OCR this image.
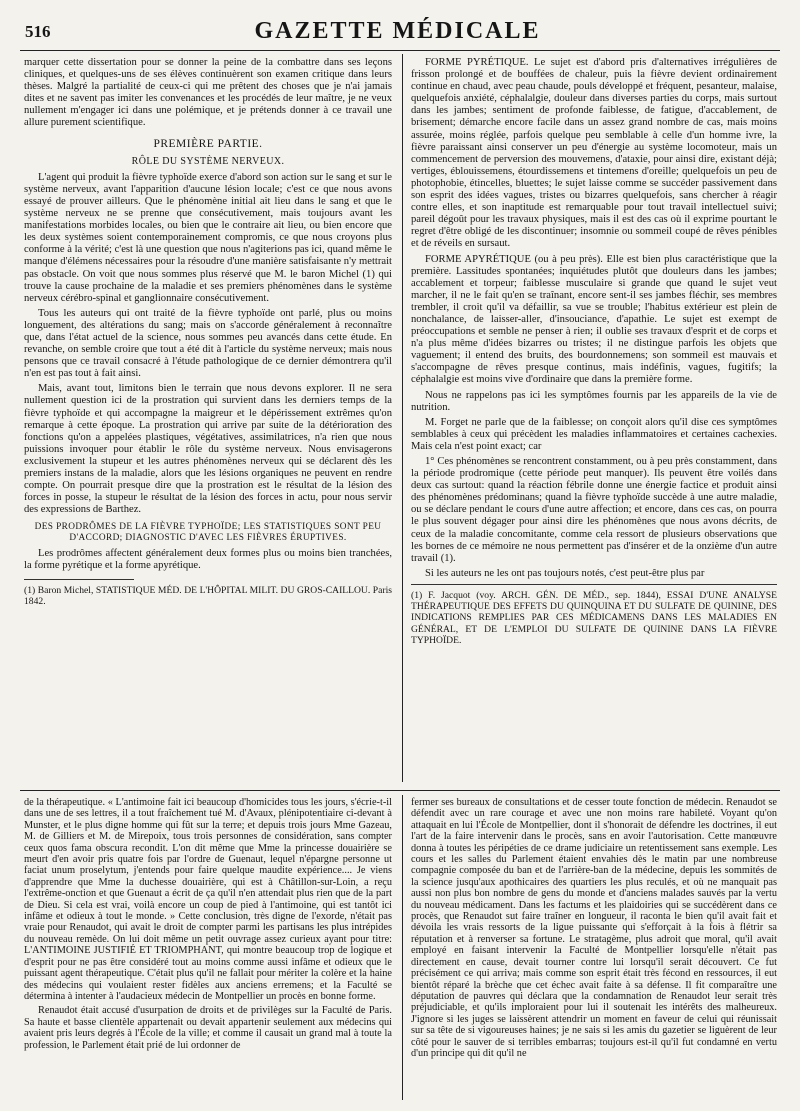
516	GAZETTE MÉDICALE

marquer cette dissertation pour se donner la peine de la combattre dans ses leçons cliniques, et quelques-uns de ses élèves continuèrent son examen critique dans leurs thèses. Malgré la partialité de ceux-ci qui me prêtent des choses que je n'ai jamais dites et ne savent pas imiter les convenances et les procédés de leur maître, je ne veux nullement m'engager ici dans une polémique, et je prétends donner à ce travail une allure purement scientifique.

PREMIÈRE PARTIE.

RÔLE DU SYSTÈME NERVEUX.

L'agent qui produit la fièvre typhoïde exerce d'abord son action sur le sang et sur le système nerveux, avant l'apparition d'aucune lésion locale; c'est ce que nous avons essayé de prouver ailleurs. Que le phénomène initial ait lieu dans le sang et que le système nerveux ne se prenne que consécutivement, mais toujours avant les manifestations morbides locales, ou bien que le contraire ait lieu, ou bien encore que les deux systèmes soient contemporainement compromis, ce que nous croyons plus conforme à la vérité; c'est là une question que nous n'agiterions pas ici, quand même le manque d'élémens nécessaires pour la résoudre d'une manière satisfaisante n'y mettrait pas obstacle. On voit que nous sommes plus réservé que M. le baron Michel (1) qui trouve la cause prochaine de la maladie et ses premiers phénomènes dans le système nerveux cérébro-spinal et ganglionnaire consécutivement.

Tous les auteurs qui ont traité de la fièvre typhoïde ont parlé, plus ou moins longuement, des altérations du sang; mais on s'accorde généralement à reconnaître que, dans l'état actuel de la science, nous sommes peu avancés dans cette étude. En revanche, on semble croire que tout a été dit à l'article du système nerveux; mais nous pensons que ce travail consacré à l'étude pathologique de ce dernier démontrera qu'il n'en est pas tout à fait ainsi.

Mais, avant tout, limitons bien le terrain que nous devons explorer. Il ne sera nullement question ici de la prostration qui survient dans les derniers temps de la fièvre typhoïde et qui accompagne la maigreur et le dépérissement extrêmes qu'on remarque à cette époque. La prostration qui arrive par suite de la détérioration des fonctions qu'on a appelées plastiques, végétatives, assimilatrices, n'a rien que nous puissions invoquer pour établir le rôle du système nerveux. Nous envisagerons exclusivement la stupeur et les autres phénomènes nerveux qui se déclarent dès les premiers instans de la maladie, alors que les lésions organiques ne peuvent en rendre compte. On pourrait presque dire que la prostration est le résultat de la lésion des forces in posse, la stupeur le résultat de la lésion des forces in actu, pour nous servir des expressions de Barthez.

DES PRODRÔMES DE LA FIÈVRE TYPHOÏDE; LES STATISTIQUES SONT PEU D'ACCORD; DIAGNOSTIC D'AVEC LES FIÈVRES ÉRUPTIVES.

Les prodrômes affectent généralement deux formes plus ou moins bien tranchées, la forme pyrétique et la forme apyrétique.

(1) Baron Michel, STATISTIQUE MÉD. DE L'HÔPITAL MILIT. DU GROS-CAILLOU. Paris 1842.

FORME PYRÉTIQUE. Le sujet est d'abord pris d'alternatives irrégulières de frisson prolongé et de bouffées de chaleur, puis la fièvre devient ordinairement continue en chaud, avec peau chaude, pouls développé et fréquent, pesanteur, malaise, quelquefois anxiété, céphalalgie, douleur dans diverses parties du corps, mais surtout dans les jambes; sentiment de profonde faiblesse, de fatigue, d'accablement, de brisement; démarche encore facile dans un assez grand nombre de cas, mais moins assurée, moins réglée, parfois quelque peu semblable à celle d'un homme ivre, la fièvre paraissant ainsi conserver un peu d'énergie au système locomoteur, mais un commencement de perversion des mouvemens, d'ataxie, pour ainsi dire, existant déjà; vertiges, éblouissemens, étourdissemens et tintemens d'oreille; quelquefois un peu de photophobie, étincelles, bluettes; le sujet laisse comme se succéder passivement dans son esprit des idées vagues, tristes ou bizarres quelquefois, sans chercher à réagir contre elles, et son inaptitude est remarquable pour tout travail intellectuel suivi; pareil dégoût pour les travaux physiques, mais il est des cas où il exprime pourtant le regret d'être obligé de les discontinuer; insomnie ou sommeil coupé de rêves pénibles et de réveils en sursaut.

FORME APYRÉTIQUE (ou à peu près). Elle est bien plus caractéristique que la première. Lassitudes spontanées; inquiétudes plutôt que douleurs dans les jambes; accablement et torpeur; faiblesse musculaire si grande que quand le sujet veut marcher, il ne le fait qu'en se traînant, encore sent-il ses jambes fléchir, ses membres trembler, il croit qu'il va défaillir, sa vue se trouble; l'habitus extérieur est plein de nonchalance, de laisser-aller, d'insouciance, d'apathie. Le sujet est exempt de préoccupations et semble ne penser à rien; il oublie ses travaux d'esprit et de corps et n'a plus même d'idées bizarres ou tristes; il ne distingue parfois les objets que vaguement; il entend des bruits, des bourdonnemens; son sommeil est mauvais et s'accompagne de rêves presque continus, mais indéfinis, vagues, fugitifs; la céphalalgie est moins vive d'ordinaire que dans la première forme.

Nous ne rappelons pas ici les symptômes fournis par les appareils de la vie de nutrition.

M. Forget ne parle que de la faiblesse; on conçoit alors qu'il dise ces symptômes semblables à ceux qui précèdent les maladies inflammatoires et certaines cachexies. Mais cela n'est point exact; car

1° Ces phénomènes se rencontrent constamment, ou à peu près constamment, dans la période prodromique (cette période peut manquer). Ils peuvent être voilés dans deux cas surtout: quand la réaction fébrile donne une énergie factice et produit ainsi des phénomènes prédominans; quand la fièvre typhoïde succède à une autre maladie, ou se déclare pendant le cours d'une autre affection; et encore, dans ces cas, on pourra le plus souvent dégager pour ainsi dire les phénomènes que nous avons décrits, de ceux de la maladie concomitante, comme cela ressort de plusieurs observations que les bornes de ce mémoire ne nous permettent pas d'insérer et de la onzième d'un autre travail (1).

Si les auteurs ne les ont pas toujours notés, c'est peut-être plus par

(1) F. Jacquot (voy. ARCH. GÉN. DE MÉD., sep. 1844), ESSAI D'UNE ANALYSE THÉRAPEUTIQUE DES EFFETS DU QUINQUINA ET DU SULFATE DE QUININE, DES INDICATIONS REMPLIES PAR CES MÉDICAMENS DANS LES MALADIES EN GÉNÉRAL, ET DE L'EMPLOI DU SULFATE DE QUININE DANS LA FIÈVRE TYPHOÏDE.

de la thérapeutique. « L'antimoine fait ici beaucoup d'homicides tous les jours, s'écrie-t-il dans une de ses lettres, il a tout fraîchement tué M. d'Avaux, plénipotentiaire ci-devant à Munster, et le plus digne homme qui fût sur la terre; et depuis trois jours Mme Gazeau, M. de Gilliers et M. de Mirepoix, tous trois personnes de considération, sans compter ceux quos fama obscura recondit. L'on dit même que Mme la princesse douairière se meurt d'en avoir pris quatre fois par l'ordre de Guenaut, lequel n'épargne personne ut faciat unum proselytum, j'entends pour faire quelque maudite expérience.... Je viens d'apprendre que Mme la duchesse douairière, qui est à Châtillon-sur-Loin, a reçu l'extrême-onction et que Guenaut a écrit de ça qu'il n'en attendait plus rien que de la part de Dieu. Si cela est vrai, voilà encore un coup de pied à l'antimoine, qui est tantôt ici infâme et odieux à tout le monde. » Cette conclusion, très digne de l'exorde, n'était pas vraie pour Renaudot, qui avait le droit de compter parmi les partisans les plus intrépides du nouveau remède. On lui doit même un petit ouvrage assez curieux ayant pour titre: L'ANTIMOINE JUSTIFIÉ ET TRIOMPHANT, qui montre beaucoup trop de logique et d'esprit pour ne pas être considéré tout au moins comme aussi infâme et odieux que le puissant agent thérapeutique. C'était plus qu'il ne fallait pour mériter la colère et la haine des médecins qui voulaient rester fidèles aux anciens erremens; et la Faculté se détermina à intenter à l'audacieux médecin de Montpellier un procès en bonne forme.

Renaudot était accusé d'usurpation de droits et de privilèges sur la Faculté de Paris. Sa haute et basse clientèle appartenait ou devait appartenir seulement aux médecins qui avaient pris leurs degrés à l'École de la ville; et comme il causait un grand mal à toute la profession, le Parlement était prié de lui ordonner de

fermer ses bureaux de consultations et de cesser toute fonction de médecin. Renaudot se défendit avec un rare courage et avec une non moins rare habileté. Voyant qu'on attaquait en lui l'École de Montpellier, dont il s'honorait de défendre les doctrines, il eut l'art de la faire intervenir dans le procès, sans en avoir l'autorisation. Cette manœuvre donna à toutes les péripéties de ce drame judiciaire un retentissement sans exemple. Les cours et les salles du Parlement étaient envahies dès le matin par une nombreuse compagnie composée du ban et de l'arrière-ban de la médecine, depuis les sommités de la science jusqu'aux apothicaires des quartiers les plus reculés, et où ne manquait pas aussi non plus bon nombre de gens du monde et d'anciens malades sauvés par la vertu du nouveau médicament. Dans les factums et les plaidoiries qui se succédèrent dans ce procès, que Renaudot sut faire traîner en longueur, il raconta le bien qu'il avait fait et dévoila les vrais ressorts de la ligue puissante qui s'efforçait à la fois à flétrir sa réputation et à renverser sa fortune. Le stratagème, plus adroit que moral, qu'il avait employé en faisant intervenir la Faculté de Montpellier lorsqu'elle n'était pas directement en cause, devait tourner contre lui lorsqu'il serait découvert. Ce fut précisément ce qui arriva; mais comme son esprit était très fécond en ressources, il eut bientôt réparé la brèche que cet échec avait faite à sa défense. Il fit comparaître une députation de pauvres qui déclara que la condamnation de Renaudot leur serait très préjudiciable, et qu'ils imploraient pour lui il soutenait les intérêts des malheureux. J'ignore si les juges se laissèrent attendrir un moment en faveur de celui qui réunissait sur sa tête de si vigoureuses haines; je ne sais si les amis du gazetier se liguèrent de leur côté pour le sauver de si terribles embarras; toujours est-il qu'il fut condamné en vertu d'un principe qui dit qu'il ne
